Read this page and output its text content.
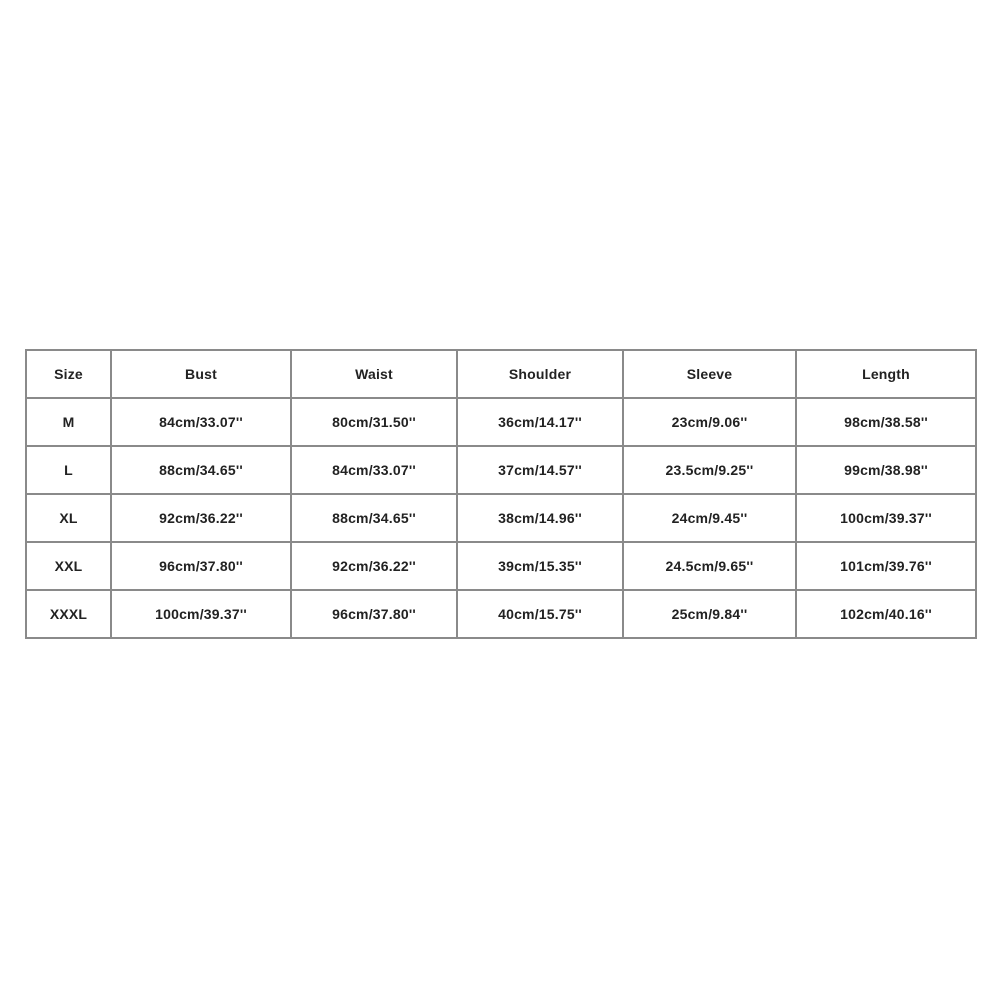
Size	Bust	Waist	Shoulder	Sleeve	Length
M	84cm/33.07''	80cm/31.50''	36cm/14.17''	23cm/9.06''	98cm/38.58''
L	88cm/34.65''	84cm/33.07''	37cm/14.57''	23.5cm/9.25''	99cm/38.98''
XL	92cm/36.22''	88cm/34.65''	38cm/14.96''	24cm/9.45''	100cm/39.37''
XXL	96cm/37.80''	92cm/36.22''	39cm/15.35''	24.5cm/9.65''	101cm/39.76''
XXXL	100cm/39.37''	96cm/37.80''	40cm/15.75''	25cm/9.84''	102cm/40.16''
